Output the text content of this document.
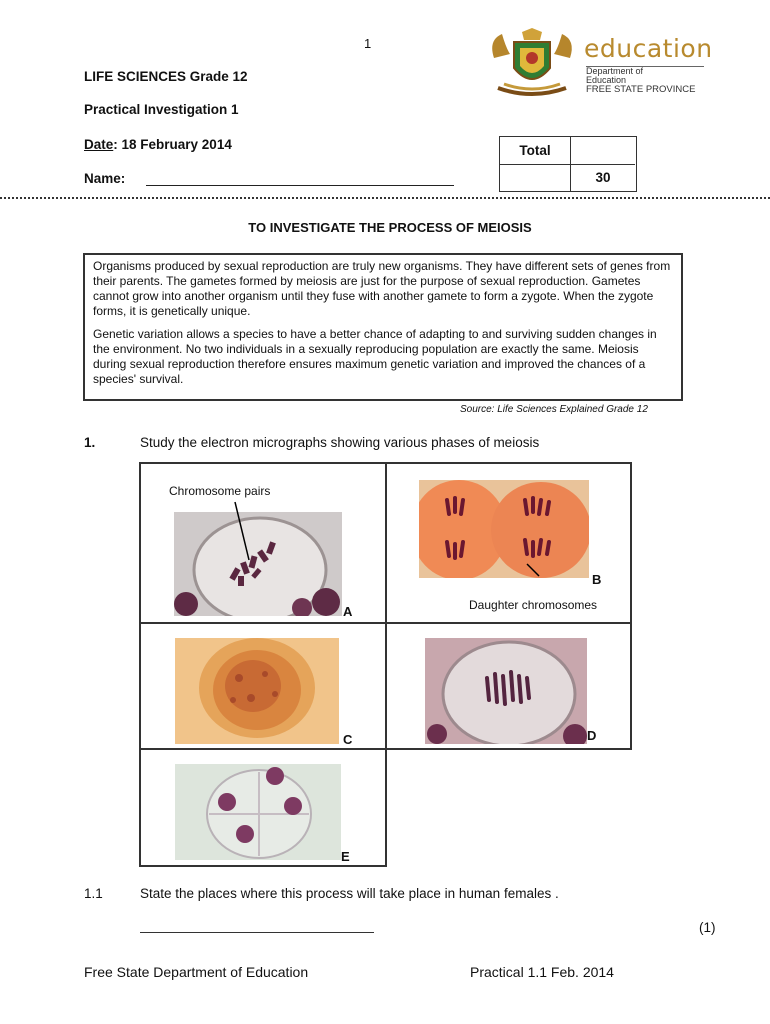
1	education
Department of
Education
FREE STATE PROVINCE
LIFE SCIENCES Grade 12
Practical Investigation 1
Date: 18 February 2014
Name:
Total
30
TO INVESTIGATE THE PROCESS OF MEIOSIS

Organisms produced by sexual reproduction are truly new organisms. They have different sets of genes from their parents. The gametes formed by meiosis are just for the purpose of sexual reproduction. Gametes cannot grow into another organism until they fuse with another gamete to form a zygote. When the zygote forms, it is genetically unique.

Genetic variation allows a species to have a better chance of adapting to and surviving sudden changes in the environment. No two individuals in a sexually reproducing population are exactly the same. Meiosis during sexual reproduction therefore ensures maximum genetic variation and improved the chances of a species' survival.

Source: Life Sciences Explained Grade 12
1.	Study the electron micrographs showing various phases of meiosis
Chromosome pairs
A
B
Daughter chromosomes
C	D
E
1.1	State the places where this process will take place in human females .
(1)
Free State Department of Education	Practical 1.1 Feb. 2014
